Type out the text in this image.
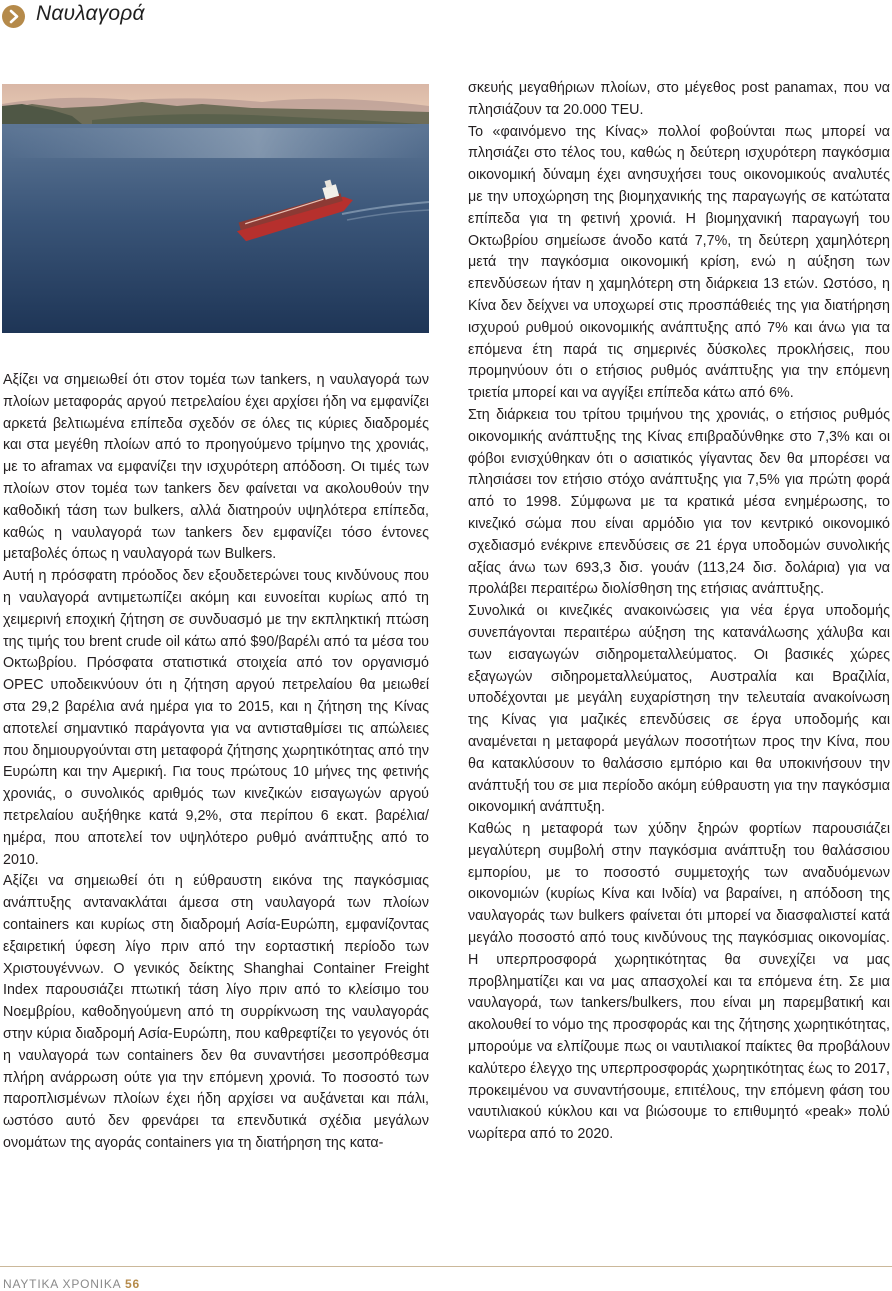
Ναυλαγορά

Αξίζει να σημειωθεί ότι στον τομέα των tankers, η ναυλαγορά των πλοίων μεταφοράς αργού πετρελαίου έχει αρχίσει ήδη να εμφανίζει αρκετά βελτιωμένα επίπεδα σχεδόν σε όλες τις κύριες διαδρομές και στα μεγέθη πλοίων από το προηγούμενο τρίμηνο της χρονιάς, με το aframax να εμφανίζει την ισχυρότερη απόδοση. Οι τιμές των πλοίων στον τομέα των tankers δεν φαίνεται να ακολουθούν την καθοδική τάση των bulkers, αλλά διατηρούν υψηλότερα επίπεδα, καθώς η ναυλαγορά των tankers δεν εμφανίζει τόσο έντονες μεταβολές όπως η ναυλαγορά των Bulkers.

Αυτή η πρόσφατη πρόοδος δεν εξουδετερώνει τους κινδύνους που η ναυλαγορά αντιμετωπίζει ακόμη και ευνοείται κυρίως από τη χειμερινή εποχική ζήτηση σε συνδυασμό με την εκπληκτική πτώση της τιμής του brent crude oil κάτω από $90/βαρέλι από τα μέσα του Οκτωβρίου. Πρόσφατα στατιστικά στοιχεία από τον οργανισμό OPEC υποδεικνύουν ότι η ζήτηση αργού πετρελαίου θα μειωθεί στα 29,2 βαρέλια ανά ημέρα για το 2015, και η ζήτηση της Κίνας αποτελεί σημαντικό παράγοντα για να αντισταθμίσει τις απώλειες που δημιουργούνται στη μεταφορά ζήτησης χωρητικότητας από την Ευρώπη και την Αμερική. Για τους πρώτους 10 μήνες της φετινής χρονιάς, ο συνολικός αριθμός των κινεζικών εισαγωγών αργού πετρελαίου αυξήθηκε κατά 9,2%, στα περίπου 6 εκατ. βαρέλια/ημέρα, που αποτελεί τον υψηλότερο ρυθμό ανάπτυξης από το 2010.

Αξίζει να σημειωθεί ότι η εύθραυστη εικόνα της παγκόσμιας ανάπτυξης αντανακλάται άμεσα στη ναυλαγορά των πλοίων containers και κυρίως στη διαδρομή Ασία-Ευρώπη, εμφανίζοντας εξαιρετική ύφεση λίγο πριν από την εορταστική περίοδο των Χριστουγέννων. Ο γενικός δείκτης Shanghai Container Freight Index παρουσιάζει πτωτική τάση λίγο πριν από το κλείσιμο του Νοεμβρίου, καθοδηγούμενη από τη συρρίκνωση της ναυλαγοράς στην κύρια διαδρομή Ασία-Ευρώπη, που καθρεφτίζει το γεγονός ότι η ναυλαγορά των containers δεν θα συναντήσει μεσοπρόθεσμα πλήρη ανάρρωση ούτε για την επόμενη χρονιά. Το ποσοστό των παροπλισμένων πλοίων έχει ήδη αρχίσει να αυξάνεται και πάλι, ωστόσο αυτό δεν φρενάρει τα επενδυτικά σχέδια μεγάλων ονομάτων της αγοράς containers για τη διατήρηση της κατα-

σκευής μεγαθήριων πλοίων, στο μέγεθος post panamax, που να πλησιάζουν τα 20.000 TEU.

Το «φαινόμενο της Κίνας» πολλοί φοβούνται πως μπορεί να πλησιάζει στο τέλος του, καθώς η δεύτερη ισχυρότερη παγκόσμια οικονομική δύναμη έχει ανησυχήσει τους οικονομικούς αναλυτές με την υποχώρηση της βιομηχανικής της παραγωγής σε κατώτατα επίπεδα για τη φετινή χρονιά. Η βιομηχανική παραγωγή του Οκτωβρίου σημείωσε άνοδο κατά 7,7%, τη δεύτερη χαμηλότερη μετά την παγκόσμια οικονομική κρίση, ενώ η αύξηση των επενδύσεων ήταν η χαμηλότερη στη διάρκεια 13 ετών. Ωστόσο, η Κίνα δεν δείχνει να υποχωρεί στις προσπάθειές της για διατήρηση ισχυρού ρυθμού οικονομικής ανάπτυξης από 7% και άνω για τα επόμενα έτη παρά τις σημερινές δύσκολες προκλήσεις, που προμηνύουν ότι ο ετήσιος ρυθμός ανάπτυξης για την επόμενη τριετία μπορεί και να αγγίξει επίπεδα κάτω από 6%.

Στη διάρκεια του τρίτου τριμήνου της χρονιάς, ο ετήσιος ρυθμός οικονομικής ανάπτυξης της Κίνας επιβραδύνθηκε στο 7,3% και οι φόβοι ενισχύθηκαν ότι ο ασιατικός γίγαντας δεν θα μπορέσει να πλησιάσει τον ετήσιο στόχο ανάπτυξης για 7,5% για πρώτη φορά από το 1998. Σύμφωνα με τα κρατικά μέσα ενημέρωσης, το κινεζικό σώμα που είναι αρμόδιο για τον κεντρικό οικονομικό σχεδιασμό ενέκρινε επενδύσεις σε 21 έργα υποδομών συνολικής αξίας άνω των 693,3 δισ. γουάν (113,24 δισ. δολάρια) για να προλάβει περαιτέρω διολίσθηση της ετήσιας ανάπτυξης.

Συνολικά οι κινεζικές ανακοινώσεις για νέα έργα υποδομής συνεπάγονται περαιτέρω αύξηση της κατανάλωσης χάλυβα και των εισαγωγών σιδηρομεταλλεύματος. Οι βασικές χώρες εξαγωγών σιδηρομεταλλεύματος, Αυστραλία και Βραζιλία, υποδέχονται με μεγάλη ευχαρίστηση την τελευταία ανακοίνωση της Κίνας για μαζικές επενδύσεις σε έργα υποδομής και αναμένεται η μεταφορά μεγάλων ποσοτήτων προς την Κίνα, που θα κατακλύσουν το θαλάσσιο εμπόριο και θα υποκινήσουν την ανάπτυξή του σε μια περίοδο ακόμη εύθραυστη για την παγκόσμια οικονομική ανάπτυξη.

Καθώς η μεταφορά των χύδην ξηρών φορτίων παρουσιάζει μεγαλύτερη συμβολή στην παγκόσμια ανάπτυξη του θαλάσσιου εμπορίου, με το ποσοστό συμμετοχής των αναδυόμενων οικονομιών (κυρίως Κίνα και Ινδία) να βαραίνει, η απόδοση της ναυλαγοράς των bulkers φαίνεται ότι μπορεί να διασφαλιστεί κατά μεγάλο ποσοστό από τους κινδύνους της παγκόσμιας οικονομίας. Η υπερπροσφορά χωρητικότητας θα συνεχίζει να μας προβληματίζει και να μας απασχολεί και τα επόμενα έτη. Σε μια ναυλαγορά, των tankers/bulkers, που είναι μη παρεμβατική και ακολουθεί το νόμο της προσφοράς και της ζήτησης χωρητικότητας, μπορούμε να ελπίζουμε πως οι ναυτιλιακοί παίκτες θα προβάλουν καλύτερο έλεγχο της υπερπροσφοράς χωρητικότητας έως το 2017, προκειμένου να συναντήσουμε, επιτέλους, την επόμενη φάση του ναυτιλιακού κύκλου και να βιώσουμε το επιθυμητό «peak» πολύ νωρίτερα από το 2020.

ΝΑΥΤΙΚΑ ΧΡΟΝΙΚΑ 56
